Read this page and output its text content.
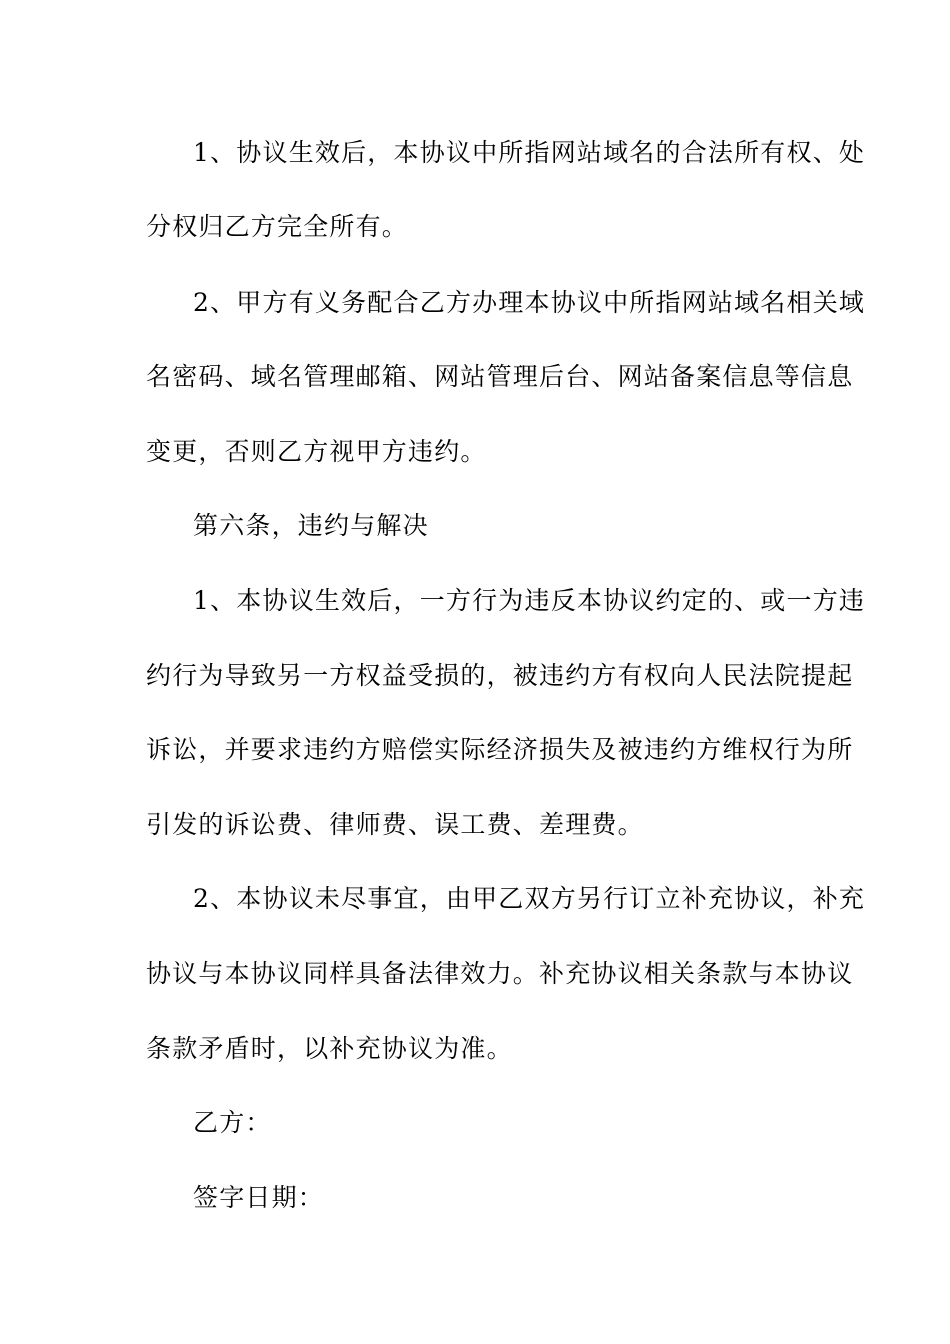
1、协议生效后，本协议中所指网站域名的合法所有权、处
分权归乙方完全所有。
2、甲方有义务配合乙方办理本协议中所指网站域名相关域
名密码、域名管理邮箱、网站管理后台、网站备案信息等信息
变更，否则乙方视甲方违约。
第六条，违约与解决
1、本协议生效后，一方行为违反本协议约定的、或一方违
约行为导致另一方权益受损的，被违约方有权向人民法院提起
诉讼，并要求违约方赔偿实际经济损失及被违约方维权行为所
引发的诉讼费、律师费、误工费、差理费。
2、本协议未尽事宜，由甲乙双方另行订立补充协议，补充
协议与本协议同样具备法律效力。补充协议相关条款与本协议
条款矛盾时，以补充协议为准。
乙方：
签字日期：
